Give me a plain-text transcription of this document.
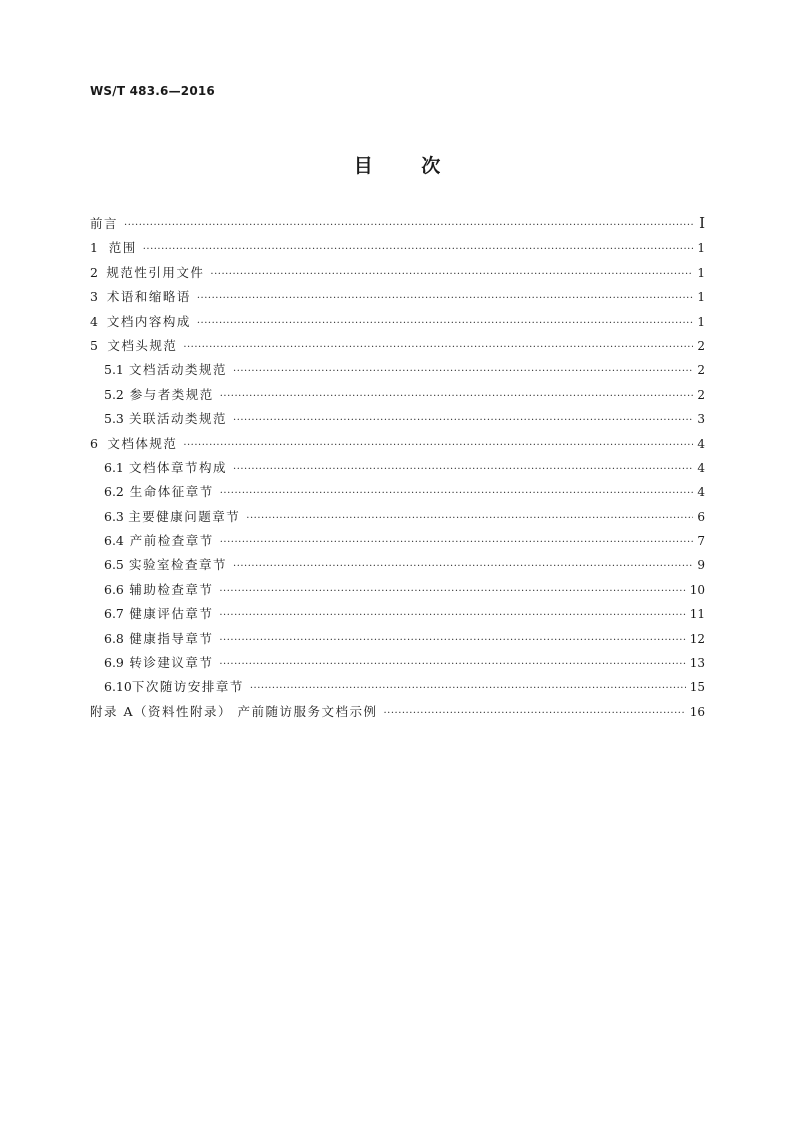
WS/T 483.6—2016
目 次
前言 ·····	I
1 范围 ·····	1
2 规范性引用文件 ·····	1
3 术语和缩略语 ·····	1
4 文档内容构成 ·····	1
5 文档头规范 ·····	2
5.1 文档活动类规范 ·····	2
5.2 参与者类规范 ·····	2
5.3 关联活动类规范 ·····	3
6 文档体规范 ·····	4
6.1 文档体章节构成 ·····	4
6.2 生命体征章节 ·····	4
6.3 主要健康问题章节 ·····	6
6.4 产前检查章节 ·····	7
6.5 实验室检查章节 ·····	9
6.6 辅助检查章节 ·····	10
6.7 健康评估章节 ·····	11
6.8 健康指导章节 ·····	12
6.9 转诊建议章节 ·····	13
6.10 下次随访安排章节 ·····	15
附录 A（资料性附录） 产前随访服务文档示例 ·····	16
